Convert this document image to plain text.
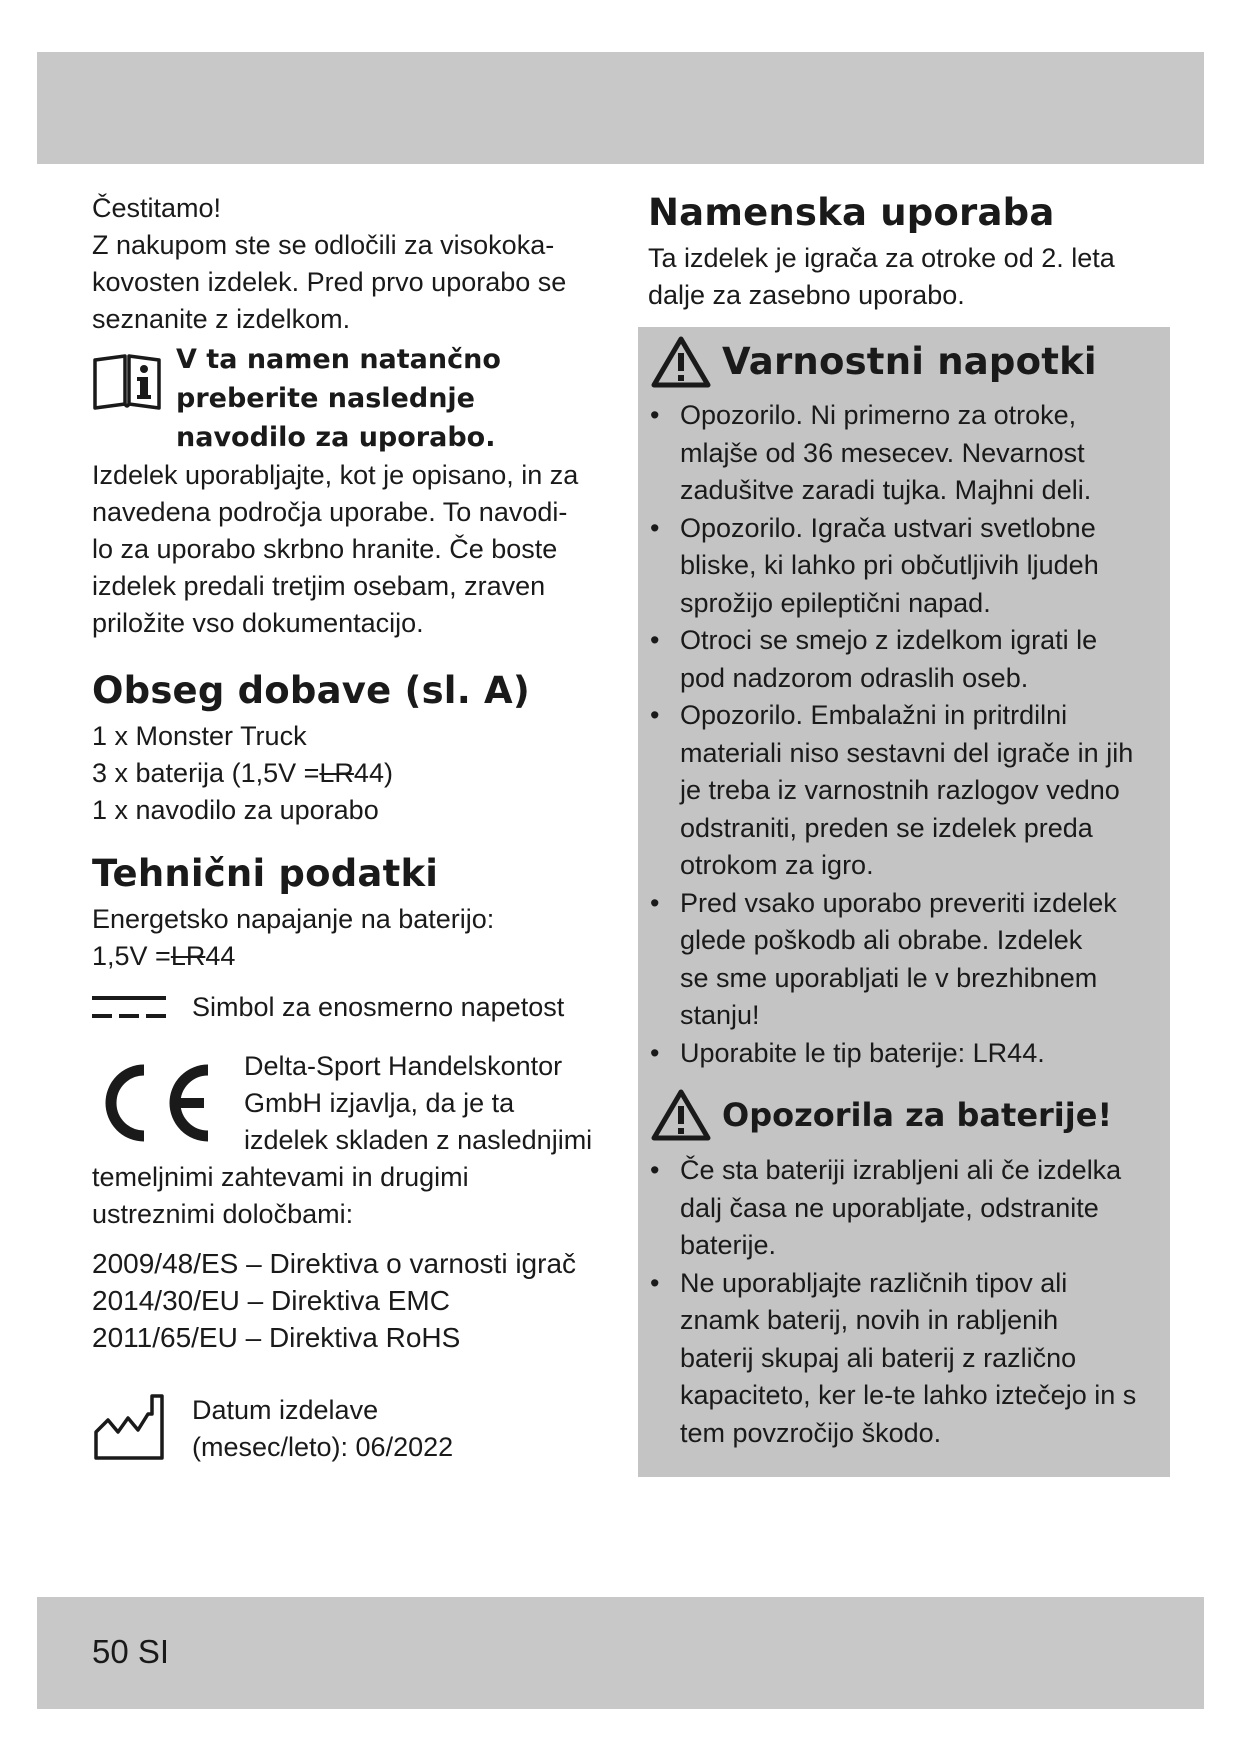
Čestitamo!

Z nakupom ste se odločili za visokoka-

kovosten izdelek. Pred prvo uporabo se

seznanite z izdelkom.

V ta namen natančno

preberite naslednje

navodilo za uporabo.

Izdelek uporabljajte, kot je opisano, in za

navedena področja uporabe. To navodi-

lo za uporabo skrbno hranite. Če boste

izdelek predali tretjim osebam, zraven

priložite vso dokumentacijo.

Obseg dobave (sl. A)

1 x Monster Truck

3 x baterija (1,5V =LR44)

1 x navodilo za uporabo

Tehnični podatki

Energetsko napajanje na baterijo:

1,5V =LR44

Simbol za enosmerno napetost

Delta-Sport Handelskontor

GmbH izjavlja, da je ta

izdelek skladen z naslednjimi

temeljnimi zahtevami in drugimi

ustreznimi določbami:

2009/48/ES – Direktiva o varnosti igrač

2014/30/EU – Direktiva EMC

2011/65/EU – Direktiva RoHS

Datum izdelave

(mesec/leto): 06/2022

Namenska uporaba

Ta izdelek je igrača za otroke od 2. leta

dalje za zasebno uporabo.

Varnostni napotki
• Opozorilo. Ni primerno za otroke,

mlajše od 36 mesecev. Nevarnost

zadušitve zaradi tujka. Majhni deli.

• Opozorilo. Igrača ustvari svetlobne

bliske, ki lahko pri občutljivih ljudeh

sprožijo epileptični napad.

• Otroci se smejo z izdelkom igrati le

pod nadzorom odraslih oseb.

• Opozorilo. Embalažni in pritrdilni

materiali niso sestavni del igrače in jih

je treba iz varnostnih razlogov vedno

odstraniti, preden se izdelek preda

otrokom za igro.

• Pred vsako uporabo preveriti izdelek

glede poškodb ali obrabe. Izdelek

se sme uporabljati le v brezhibnem

stanju!

• Uporabite le tip baterije: LR44.

Opozorila za baterije!

• Če sta bateriji izrabljeni ali če izdelka

dalj časa ne uporabljate, odstranite

baterije.

• Ne uporabljajte različnih tipov ali

znamk baterij, novih in rabljenih

baterij skupaj ali baterij z različno

kapaciteto, ker le-te lahko iztečejo in s

tem povzročijo škodo.

50 SI
